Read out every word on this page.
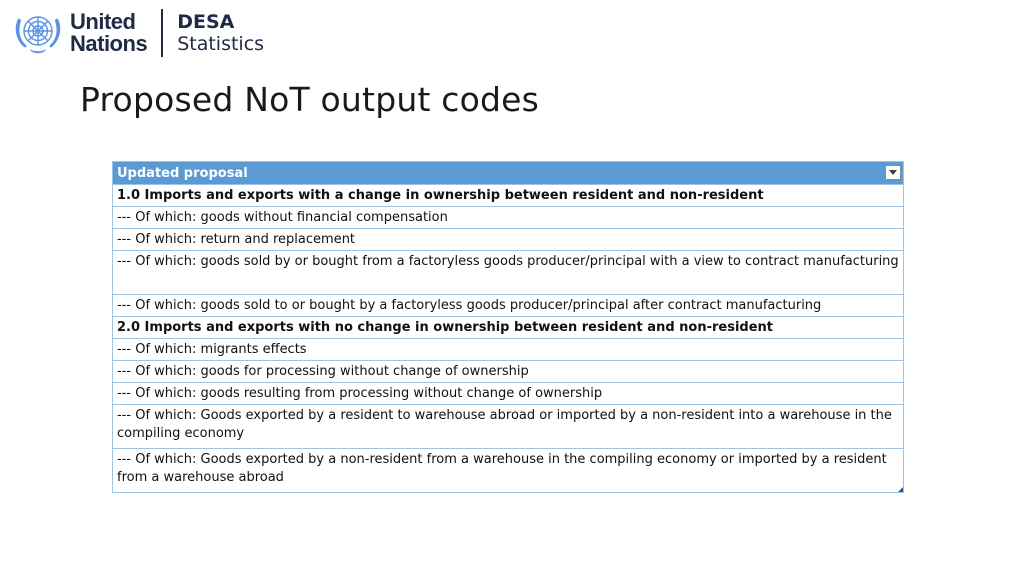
United
Nations
DESA
Statistics
Proposed NoT output codes
Updated proposal
1.0 Imports and exports with a change in ownership between resident and non-resident
--- Of which: goods without financial compensation
--- Of which: return and replacement
--- Of which: goods sold by or bought from a factoryless goods producer/principal with a view to contract manufacturing
--- Of which: goods sold to or bought by a factoryless goods producer/principal after contract manufacturing
2.0 Imports and exports with no change in ownership between resident and non-resident
--- Of which: migrants effects
--- Of which: goods for processing without change of ownership
--- Of which: goods resulting from processing without change of ownership
--- Of which: Goods exported by a resident to warehouse abroad or imported by a non-resident into a warehouse in the compiling economy
--- Of which: Goods exported by a non-resident from a warehouse in the compiling economy or imported by a resident from a warehouse abroad
